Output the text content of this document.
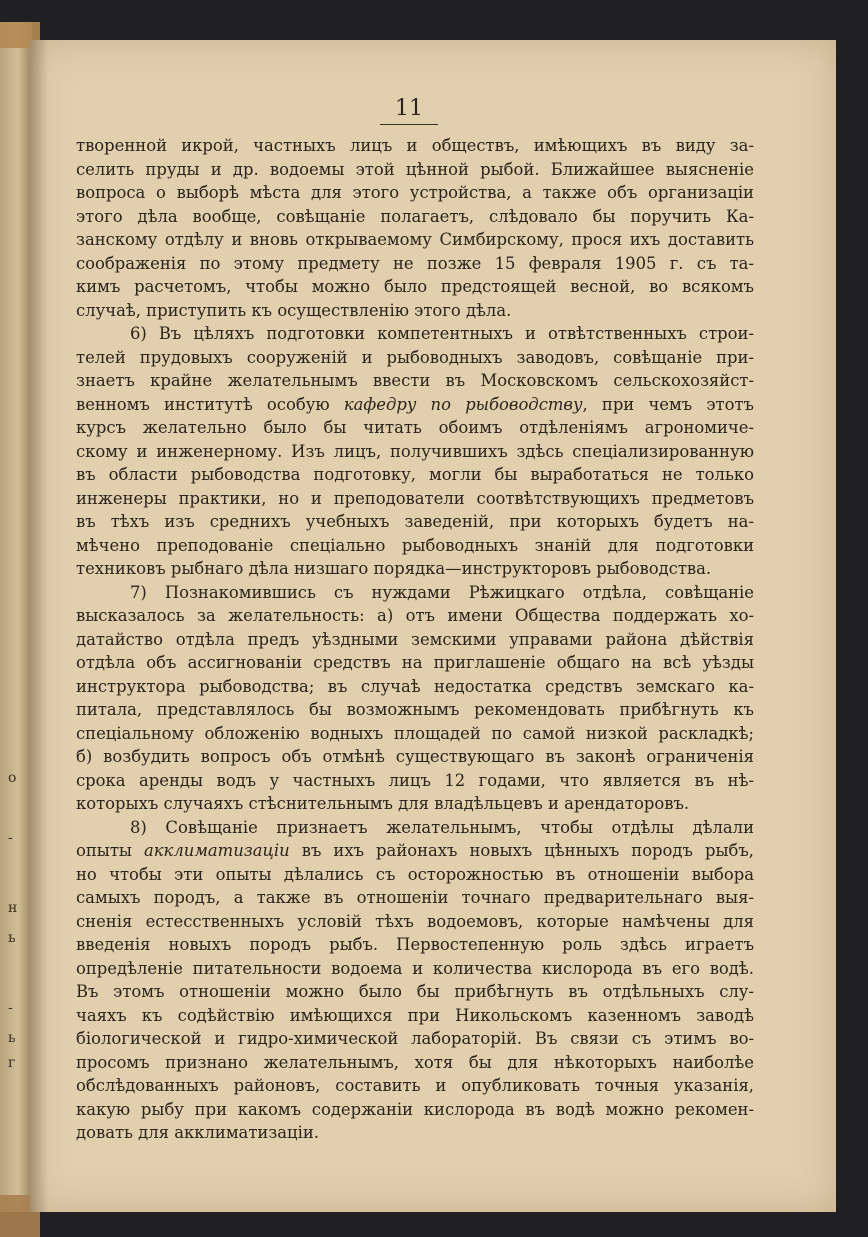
о
-
н
ь
-
ь
г
11
творенной икрой, частныхъ лицъ и обществъ, имѣющихъ въ виду за-
селить пруды и др. водоемы этой цѣнной рыбой. Ближайшее выясненіе
вопроса о выборѣ мѣста для этого устройства, а также объ организаціи
этого дѣла вообще, совѣщаніе полагаетъ, слѣдовало бы поручить Ка-
занскому отдѣлу и вновь открываемому Симбирскому, прося ихъ доставить
соображенія по этому предмету не позже 15 февраля 1905 г. съ та-
кимъ расчетомъ, чтобы можно было предстоящей весной, во всякомъ
случаѣ, приступить къ осуществленію этого дѣла.
6) Въ цѣляхъ подготовки компетентныхъ и отвѣтственныхъ строи-
телей прудовыхъ сооруженій и рыбоводныхъ заводовъ, совѣщаніе при-
знаетъ крайне желательнымъ ввести въ Московскомъ сельскохозяйст-
венномъ институтѣ особую кафедру по рыбоводству, при чемъ этотъ
курсъ желательно было бы читать обоимъ отдѣленіямъ агрономиче-
скому и инженерному. Изъ лицъ, получившихъ здѣсь спеціализированную
въ области рыбоводства подготовку, могли бы выработаться не только
инженеры практики, но и преподователи соотвѣтствующихъ предметовъ
въ тѣхъ изъ среднихъ учебныхъ заведеній, при которыхъ будетъ на-
мѣчено преподованіе спеціально рыбоводныхъ знаній для подготовки
техниковъ рыбнаго дѣла низшаго порядка—инструкторовъ рыбоводства.
7) Познакомившись съ нуждами Рѣжицкаго отдѣла, совѣщаніе
высказалось за желательность: а) отъ имени Общества поддержать хо-
датайство отдѣла предъ уѣздными земскими управами района дѣйствія
отдѣла объ ассигнованіи средствъ на приглашеніе общаго на всѣ уѣзды
инструктора рыбоводства; въ случаѣ недостатка средствъ земскаго ка-
питала, представлялось бы возможнымъ рекомендовать прибѣгнуть къ
спеціальному обложенію водныхъ площадей по самой низкой раскладкѣ;
б) возбудить вопросъ объ отмѣнѣ существующаго въ законѣ ограниченія
срока аренды водъ у частныхъ лицъ 12 годами, что является въ нѣ-
которыхъ случаяхъ стѣснительнымъ для владѣльцевъ и арендаторовъ.
8) Совѣщаніе признаетъ желательнымъ, чтобы отдѣлы дѣлали
опыты акклиматизаціи въ ихъ районахъ новыхъ цѣнныхъ породъ рыбъ,
но чтобы эти опыты дѣлались съ осторожностью въ отношеніи выбора
самыхъ породъ, а также въ отношеніи точнаго предварительнаго выя-
сненія естесственныхъ условій тѣхъ водоемовъ, которые намѣчены для
введенія новыхъ породъ рыбъ. Первостепенную роль здѣсь играетъ
опредѣленіе питательности водоема и количества кислорода въ его водѣ.
Въ этомъ отношеніи можно было бы прибѣгнуть въ отдѣльныхъ слу-
чаяхъ къ содѣйствію имѣющихся при Никольскомъ казенномъ заводѣ
біологической и гидро-химической лабораторій. Въ связи съ этимъ во-
просомъ признано желательнымъ, хотя бы для нѣкоторыхъ наиболѣе
обслѣдованныхъ районовъ, составить и опубликовать точныя указанія,
какую рыбу при какомъ содержаніи кислорода въ водѣ можно рекомен-
довать для акклиматизаціи.
